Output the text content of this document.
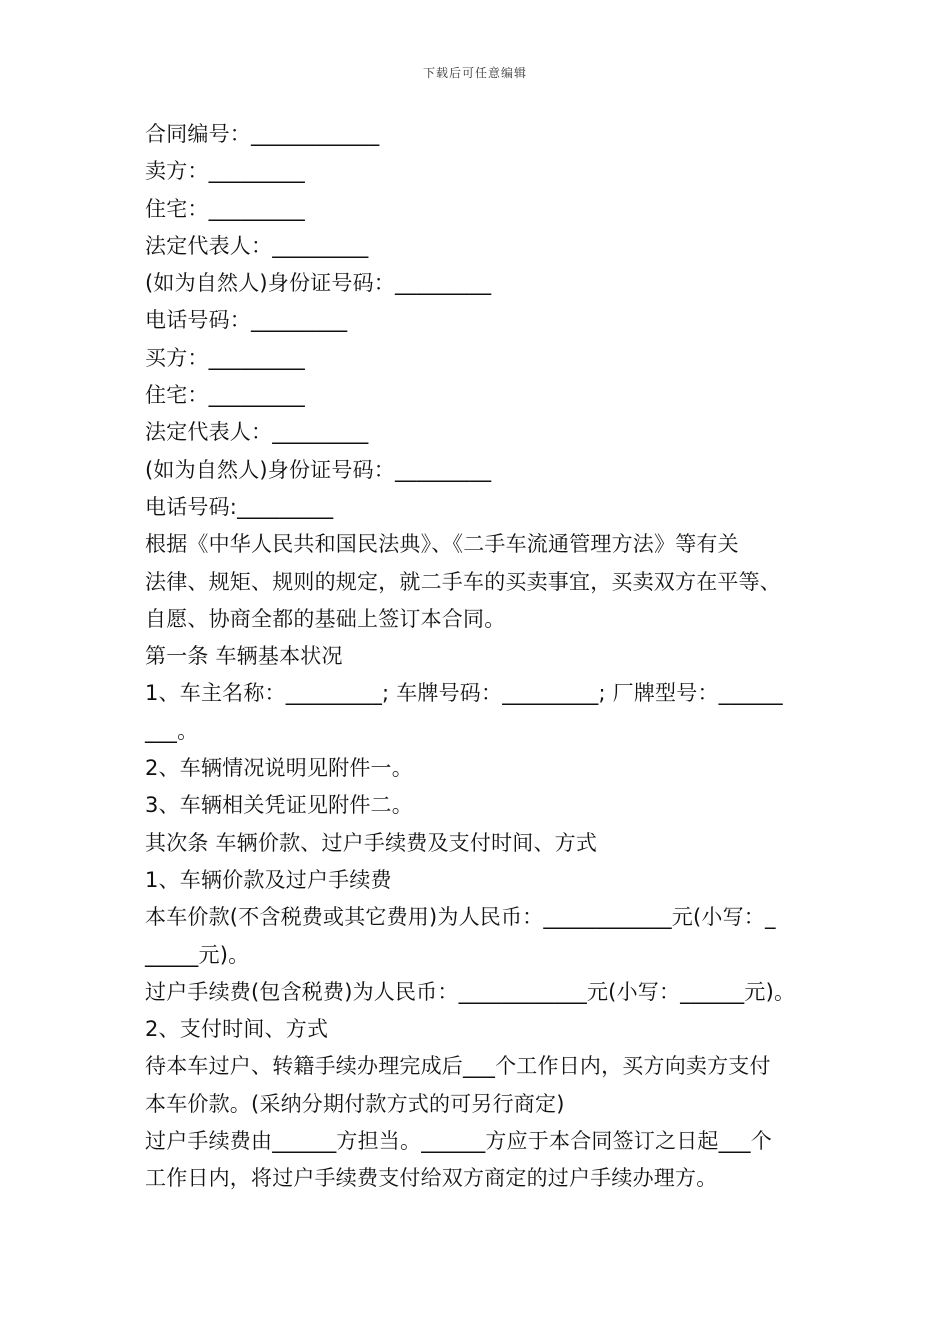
下载后可任意编辑
合同编号：____________
卖方：_________
住宅：_________
法定代表人：_________
(如为自然人)身份证号码：_________
电话号码：_________
买方：_________
住宅：_________
法定代表人：_________
(如为自然人)身份证号码：_________
电话号码:_________
根据《中华人民共和国民法典》、《二手车流通管理方法》等有关
法律、规矩、规则的规定，就二手车的买卖事宜，买卖双方在平等、
自愿、协商全都的基础上签订本合同。
第一条 车辆基本状况
1、车主名称：_________; 车牌号码：_________; 厂牌型号：______
___。
2、车辆情况说明见附件一。
3、车辆相关凭证见附件二。
其次条 车辆价款、过户手续费及支付时间、方式
1、车辆价款及过户手续费
本车价款(不含税费或其它费用)为人民币：____________元(小写：_
_____元)。
过户手续费(包含税费)为人民币：____________元(小写：______元)。
2、支付时间、方式
待本车过户、转籍手续办理完成后___个工作日内，买方向卖方支付
本车价款。(采纳分期付款方式的可另行商定)
过户手续费由______方担当。______方应于本合同签订之日起___个
工作日内，将过户手续费支付给双方商定的过户手续办理方。
